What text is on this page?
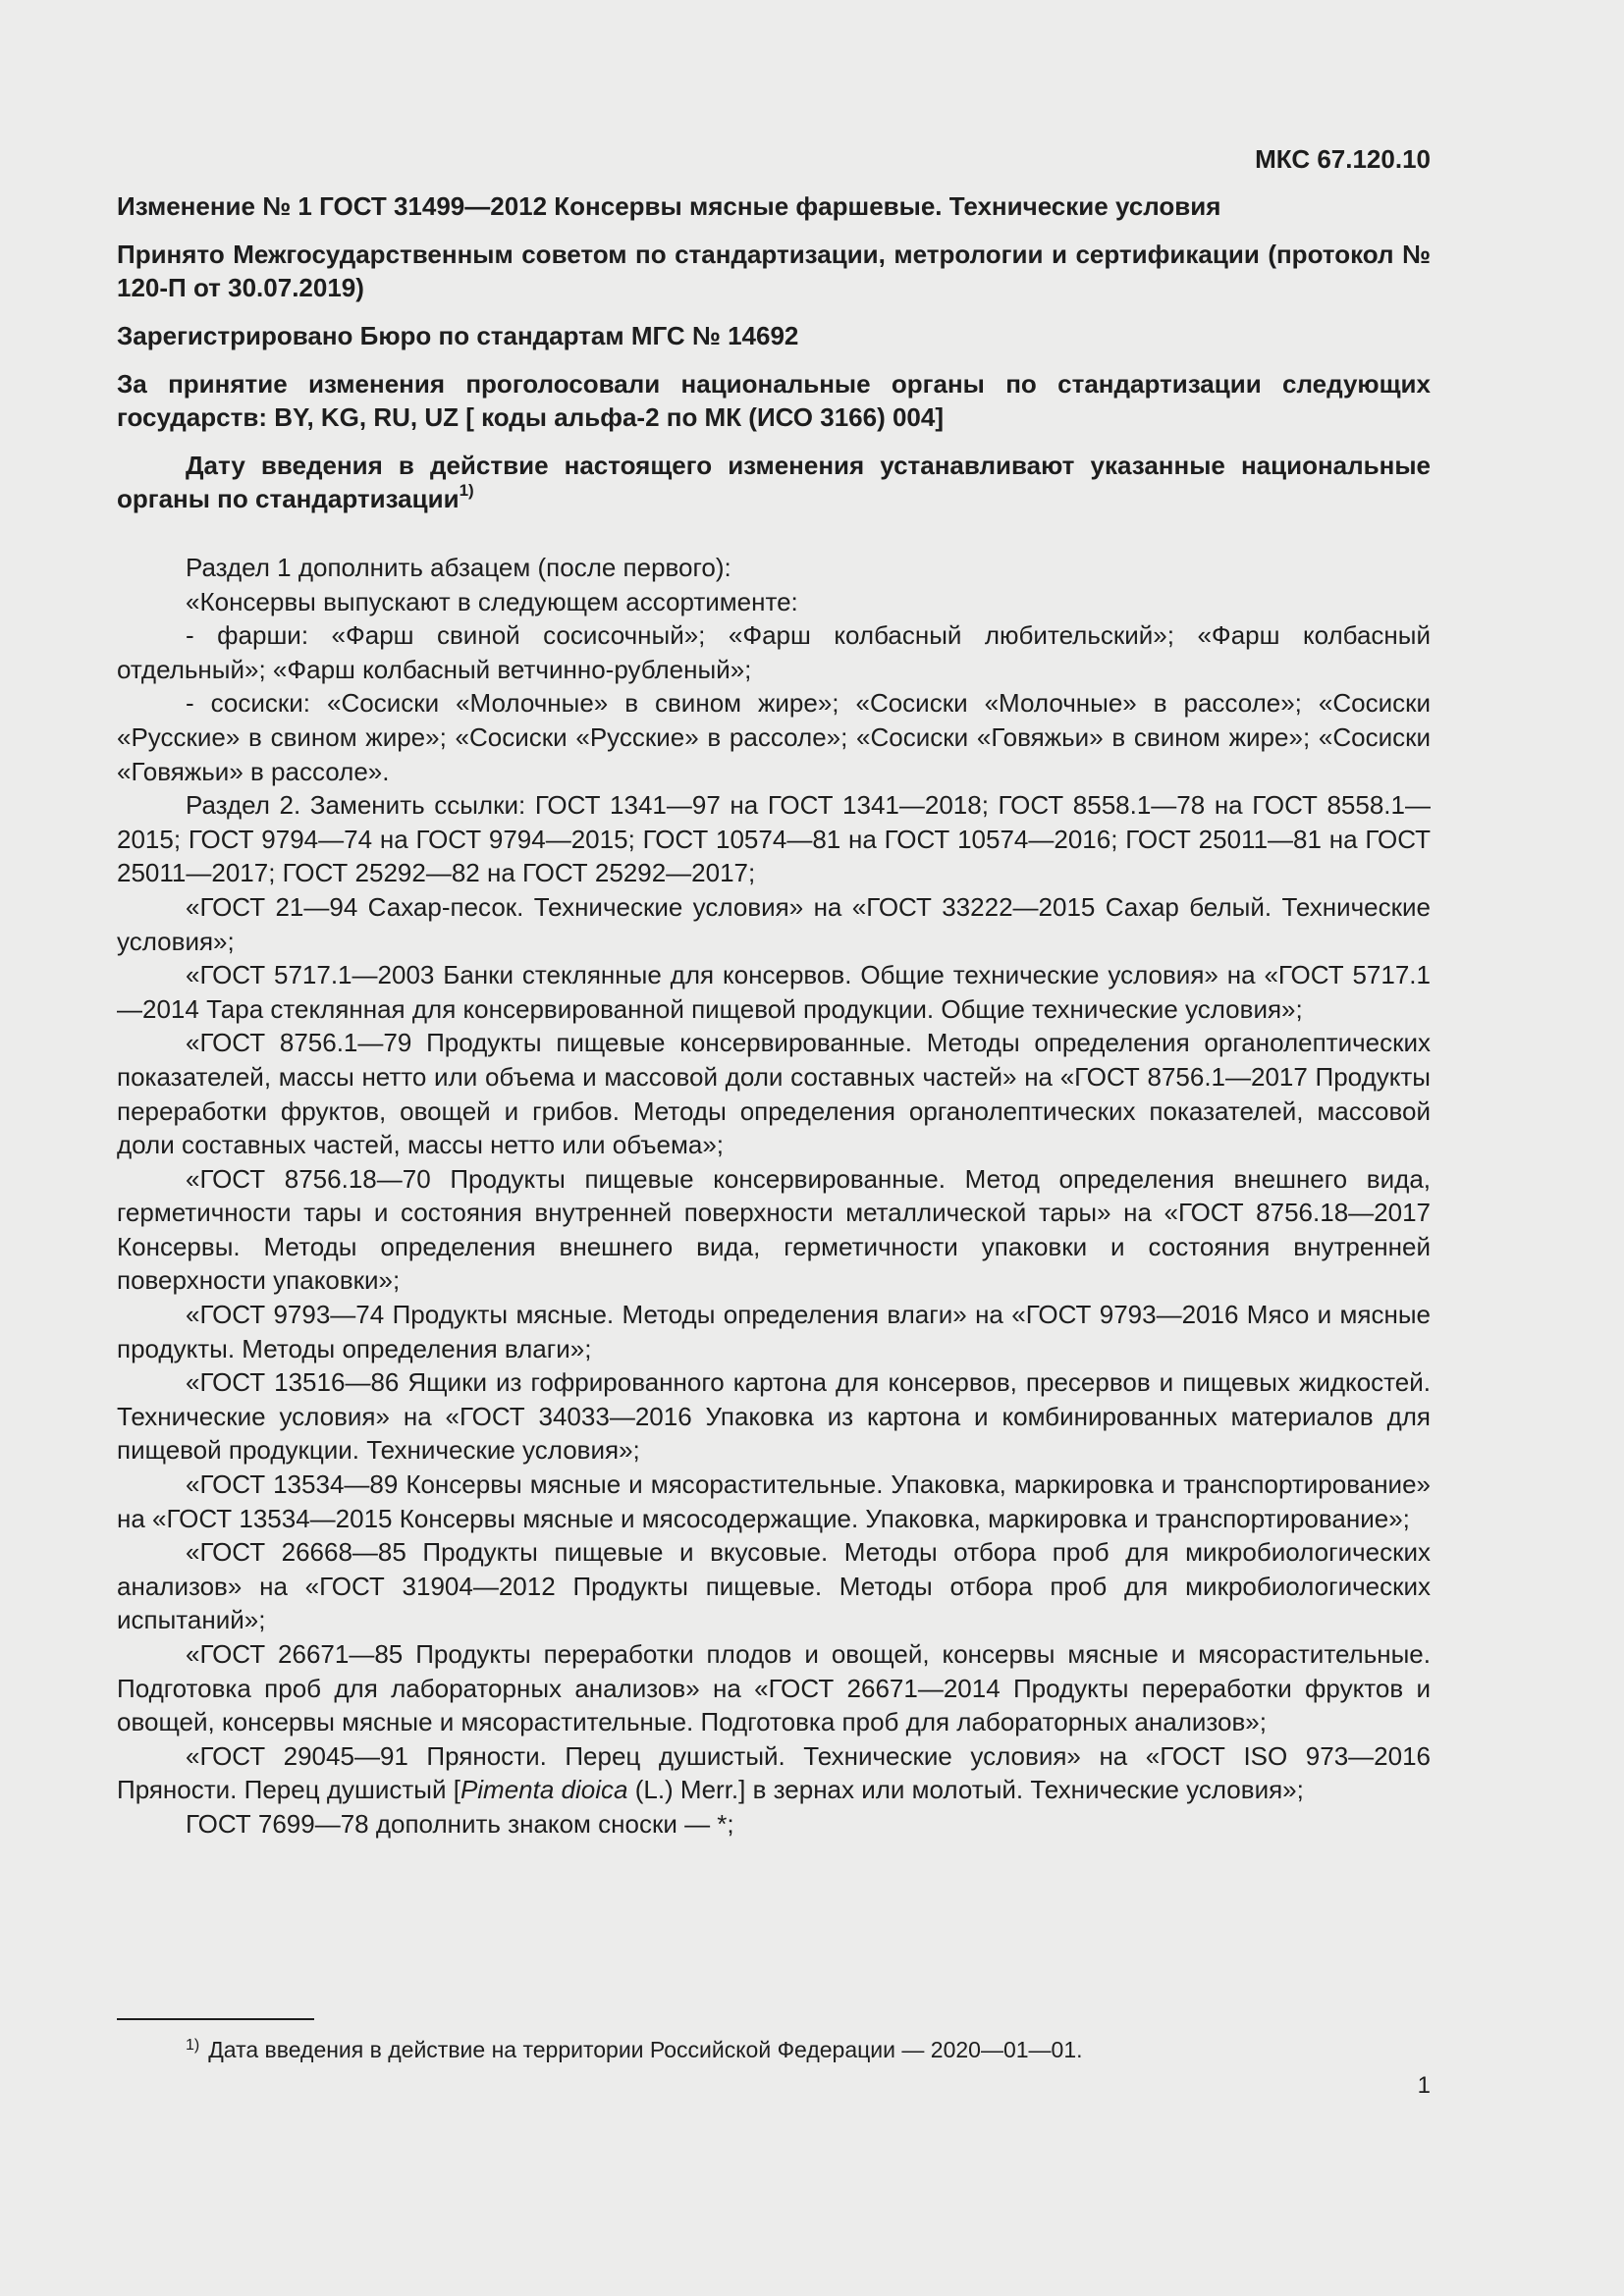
МКС 67.120.10
Изменение № 1 ГОСТ 31499—2012 Консервы мясные фаршевые. Технические условия
Принято Межгосударственным советом по стандартизации, метрологии и сертификации (протокол № 120-П от 30.07.2019)
Зарегистрировано Бюро по стандартам МГС № 14692
За принятие изменения проголосовали национальные органы по стандартизации следующих государств: BY, KG, RU, UZ [ коды альфа-2 по МК (ИСО 3166) 004]
Дату введения в действие настоящего изменения устанавливают указанные национальные органы по стандартизации$^{1)}$

Раздел 1 дополнить абзацем (после первого):

«Консервы выпускают в следующем ассортименте:

- фарши: «Фарш свиной сосисочный»; «Фарш колбасный любительский»; «Фарш колбасный отдельный»; «Фарш колбасный ветчинно-рубленый»;

- сосиски: «Сосиски «Молочные» в свином жире»; «Сосиски «Молочные» в рассоле»; «Сосиски «Русские» в свином жире»; «Сосиски «Русские» в рассоле»; «Сосиски «Говяжьи» в свином жире»; «Сосиски «Говяжьи» в рассоле».

Раздел 2. Заменить ссылки: ГОСТ 1341—97 на ГОСТ 1341—2018; ГОСТ 8558.1—78 на ГОСТ 8558.1—2015; ГОСТ 9794—74 на ГОСТ 9794—2015; ГОСТ 10574—81 на ГОСТ 10574—2016; ГОСТ 25011—81 на ГОСТ 25011—2017; ГОСТ 25292—82 на ГОСТ 25292—2017;

«ГОСТ 21—94 Сахар-песок. Технические условия» на «ГОСТ 33222—2015 Сахар белый. Технические условия»;

«ГОСТ 5717.1—2003 Банки стеклянные для консервов. Общие технические условия» на «ГОСТ 5717.1—2014 Тара стеклянная для консервированной пищевой продукции. Общие технические условия»;

«ГОСТ 8756.1—79 Продукты пищевые консервированные. Методы определения органолептических показателей, массы нетто или объема и массовой доли составных частей» на «ГОСТ 8756.1—2017 Продукты переработки фруктов, овощей и грибов. Методы определения органолептических показателей, массовой доли составных частей, массы нетто или объема»;

«ГОСТ 8756.18—70 Продукты пищевые консервированные. Метод определения внешнего вида, герметичности тары и состояния внутренней поверхности металлической тары» на «ГОСТ 8756.18—2017 Консервы. Методы определения внешнего вида, герметичности упаковки и состояния внутренней поверхности упаковки»;

«ГОСТ 9793—74 Продукты мясные. Методы определения влаги» на «ГОСТ 9793—2016 Мясо и мясные продукты. Методы определения влаги»;

«ГОСТ 13516—86 Ящики из гофрированного картона для консервов, пресервов и пищевых жидкостей. Технические условия» на «ГОСТ 34033—2016 Упаковка из картона и комбинированных материалов для пищевой продукции. Технические условия»;

«ГОСТ 13534—89 Консервы мясные и мясорастительные. Упаковка, маркировка и транспортирование» на «ГОСТ 13534—2015 Консервы мясные и мясосодержащие. Упаковка, маркировка и транспортирование»;

«ГОСТ 26668—85 Продукты пищевые и вкусовые. Методы отбора проб для микробиологических анализов» на «ГОСТ 31904—2012 Продукты пищевые. Методы отбора проб для микробиологических испытаний»;

«ГОСТ 26671—85 Продукты переработки плодов и овощей, консервы мясные и мясорастительные. Подготовка проб для лабораторных анализов» на «ГОСТ 26671—2014 Продукты переработки фруктов и овощей, консервы мясные и мясорастительные. Подготовка проб для лабораторных анализов»;

«ГОСТ 29045—91 Пряности. Перец душистый. Технические условия» на «ГОСТ ISO 973—2016 Пряности. Перец душистый [Pimenta dioica (L.) Merr.] в зернах или молотый. Технические условия»;

ГОСТ 7699—78 дополнить знаком сноски — *;

$^{1)}$ Дата введения в действие на территории Российской Федерации — 2020—01—01.
1
